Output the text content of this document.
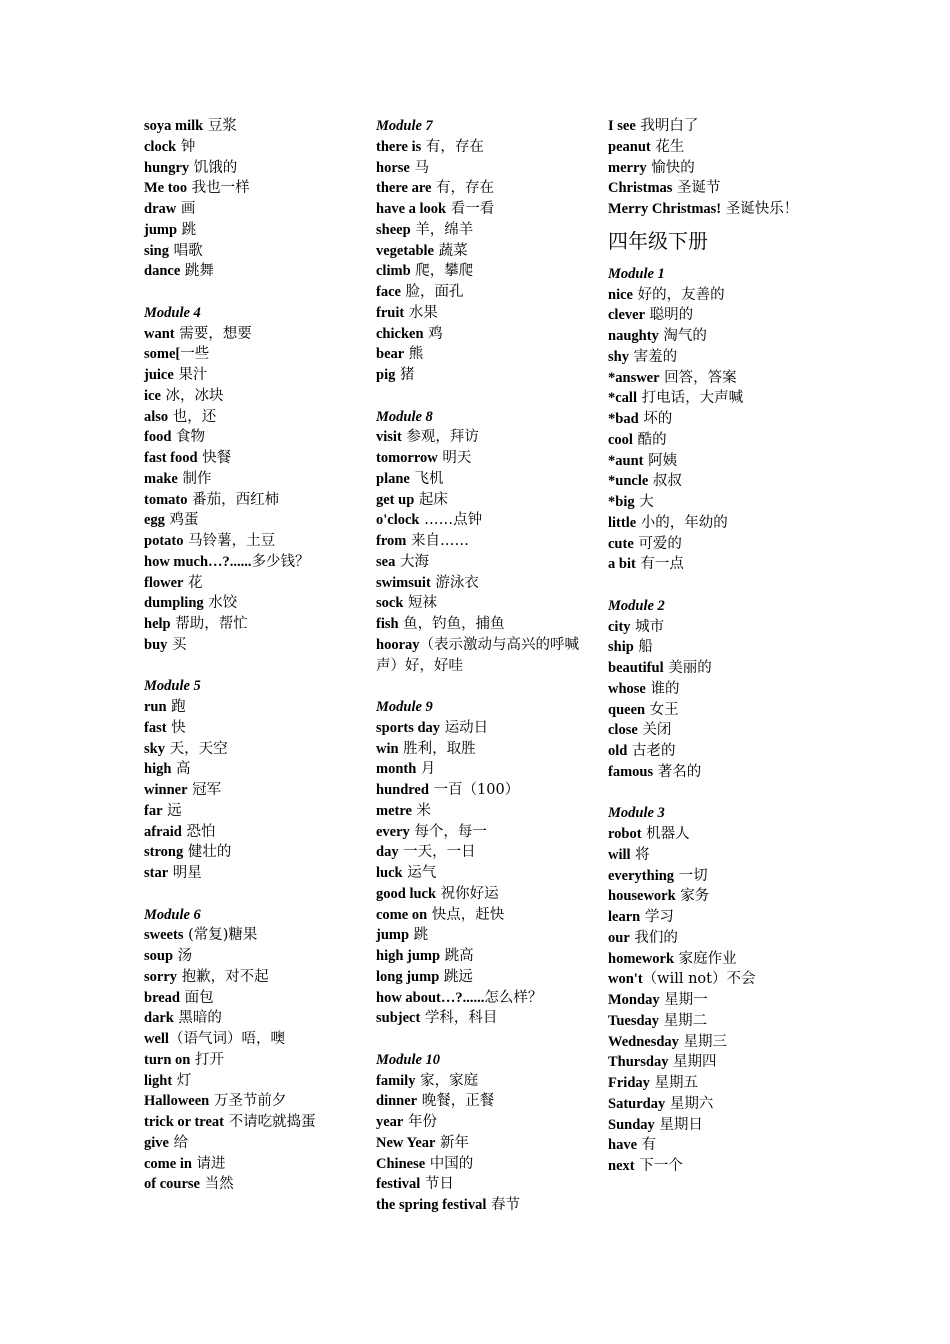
soya milk 豆浆
clock 钟
hungry 饥饿的
Me too 我也一样
draw 画
jump 跳
sing 唱歌
dance 跳舞
Module 4
want 需要，想要
some[一些
juice 果汁
ice 冰，冰块
also 也，还
food 食物
fast food 快餐
make 制作
tomato 番茄，西红柿
egg 鸡蛋
potato 马铃薯，土豆
how much…?......多少钱？
flower 花
dumpling 水饺
help 帮助，帮忙
buy 买
Module 5
run 跑
fast 快
sky 天，天空
high 高
winner 冠军
far 远
afraid 恐怕
strong 健壮的
star 明星
Module 6
sweets (常复)糖果
soup 汤
sorry 抱歉，对不起
bread 面包
dark 黑暗的
well（语气词）唔，噢
turn on 打开
light 灯
Halloween 万圣节前夕
trick or treat 不请吃就捣蛋
give 给
come in 请进
of course 当然
Module 7
there is 有，存在
horse 马
there are 有，存在
have a look 看一看
sheep 羊，绵羊
vegetable 蔬菜
climb 爬，攀爬
face 脸，面孔
fruit 水果
chicken 鸡
bear 熊
pig 猪
Module 8
visit 参观，拜访
tomorrow 明天
plane 飞机
get up 起床
o'clock ……点钟
from 来自……
sea 大海
swimsuit 游泳衣
sock 短袜
fish 鱼，钓鱼，捕鱼
hooray（表示激动与高兴的呼喊声）好，好哇
Module 9
sports day 运动日
win 胜利，取胜
month 月
hundred 一百（100）
metre 米
every 每个，每一
day 一天，一日
luck 运气
good luck 祝你好运
come on 快点，赶快
jump 跳
high jump 跳高
long jump 跳远
how about…?......怎么样？
subject 学科，科目
Module 10
family 家，家庭
dinner 晚餐，正餐
year 年份
New Year 新年
Chinese 中国的
festival 节日
the spring festival 春节
I see 我明白了
peanut 花生
merry 愉快的
Christmas 圣诞节
Merry Christmas! 圣诞快乐！
四年级下册
Module 1
nice 好的，友善的
clever 聪明的
naughty 淘气的
shy 害羞的
*answer 回答，答案
*call 打电话，大声喊
*bad 坏的
cool 酷的
*aunt 阿姨
*uncle 叔叔
*big 大
little 小的，年幼的
cute 可爱的
a bit 有一点
Module 2
city 城市
ship 船
beautiful 美丽的
whose 谁的
queen 女王
close 关闭
old 古老的
famous 著名的
Module 3
robot 机器人
will 将
everything 一切
housework 家务
learn 学习
our 我们的
homework 家庭作业
won't（will not）不会
Monday 星期一
Tuesday 星期二
Wednesday 星期三
Thursday 星期四
Friday 星期五
Saturday 星期六
Sunday 星期日
have 有
next 下一个
